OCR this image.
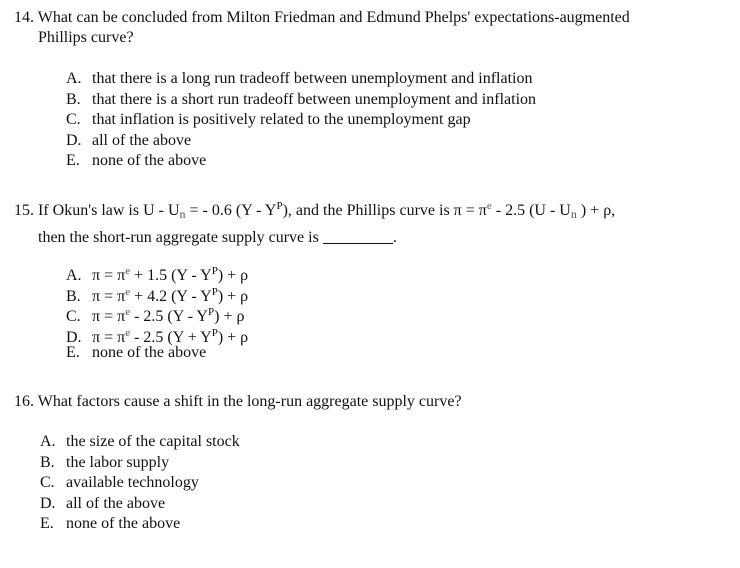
14. What can be concluded from Milton Friedman and Edmund Phelps' expectations-augmented
Phillips curve?
A. that there is a long run tradeoff between unemployment and inflation
B. that there is a short run tradeoff between unemployment and inflation
C. that inflation is positively related to the unemployment gap
D. all of the above
E. none of the above
15. If Okun's law is U - $U_n$ = - 0.6 $(Y - Y^P)$, and the Phillips curve is $\pi = \pi^e - 2.5$ ($U - U_n$ ) + ρ,
then the short-run aggregate supply curve is	.
A. $\pi = \pi^e + 1.5$ $(Y - Y^P) + \rho$
B. $\pi = \pi^e + 4.2$ $(Y - Y^P) + \rho$
C. $\pi = \pi^e - 2.5$ $(Y - Y^P) + \rho$
D. $\pi = \pi^e - 2.5$ $(Y + Y^P) + \rho$
E. none of the above
16. What factors cause a shift in the long-run aggregate supply curve?
A. the size of the capital stock
B. the labor supply
C. available technology
D. all of the above
E. none of the above
